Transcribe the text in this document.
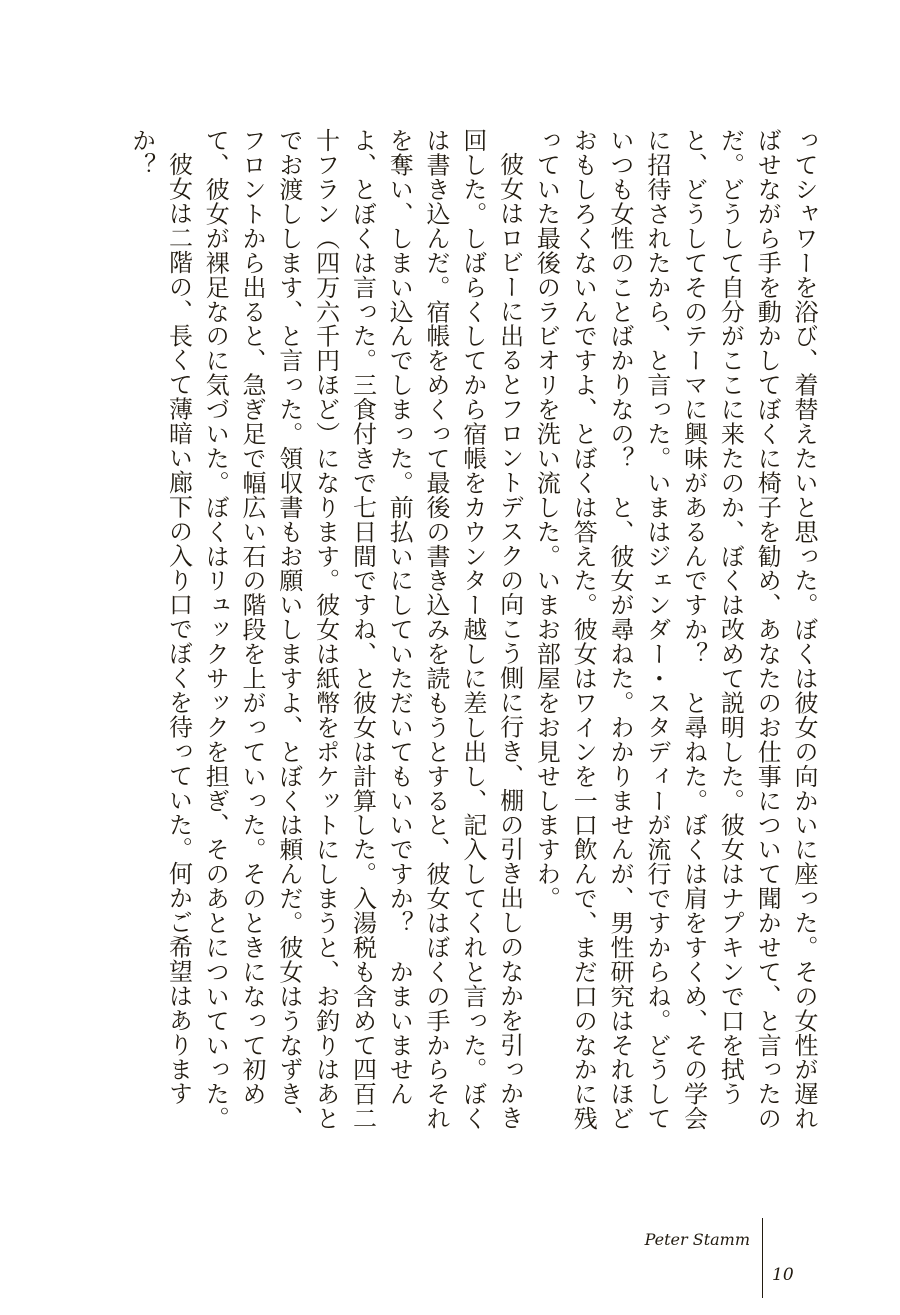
ってシャワーを浴び、着替えたいと思った。ぼくは彼女の向かいに座った。その女性が遅ればせながら手を動かしてぼくに椅子を勧め、あなたのお仕事について聞かせて、と言ったのだ。どうして自分がここに来たのか、ぼくは改めて説明した。彼女はナプキンで口を拭うと、どうしてそのテーマに興味があるんですか？　と尋ねた。ぼくは肩をすくめ、その学会に招待されたから、と言った。いまはジェンダー・スタディーが流行ですからね。どうしていつも女性のことばかりなの？　と、彼女が尋ねた。わかりませんが、男性研究はそれほどおもしろくないんですよ、とぼくは答えた。彼女はワインを一口飲んで、まだ口のなかに残っていた最後のラビオリを洗い流した。いまお部屋をお見せしますわ。

彼女はロビーに出るとフロントデスクの向こう側に行き、棚の引き出しのなかを引っかき回した。しばらくしてから宿帳をカウンター越しに差し出し、記入してくれと言った。ぼくは書き込んだ。宿帳をめくって最後の書き込みを読もうとすると、彼女はぼくの手からそれを奪い、しまい込んでしまった。前払いにしていただいてもいいですか？　かまいませんよ、とぼくは言った。三食付きで七日間ですね、と彼女は計算した。入湯税も含めて四百二十フラン（四万六千円ほど）になります。彼女は紙幣をポケットにしまうと、お釣りはあとでお渡しします、と言った。領収書もお願いしますよ、とぼくは頼んだ。彼女はうなずき、フロントから出ると、急ぎ足で幅広い石の階段を上がっていった。そのときになって初めて、彼女が裸足なのに気づいた。ぼくはリュックサックを担ぎ、そのあとについていった。

彼女は二階の、長くて薄暗い廊下の入り口でぼくを待っていた。何かご希望はありますか？

Peter Stamm
10
